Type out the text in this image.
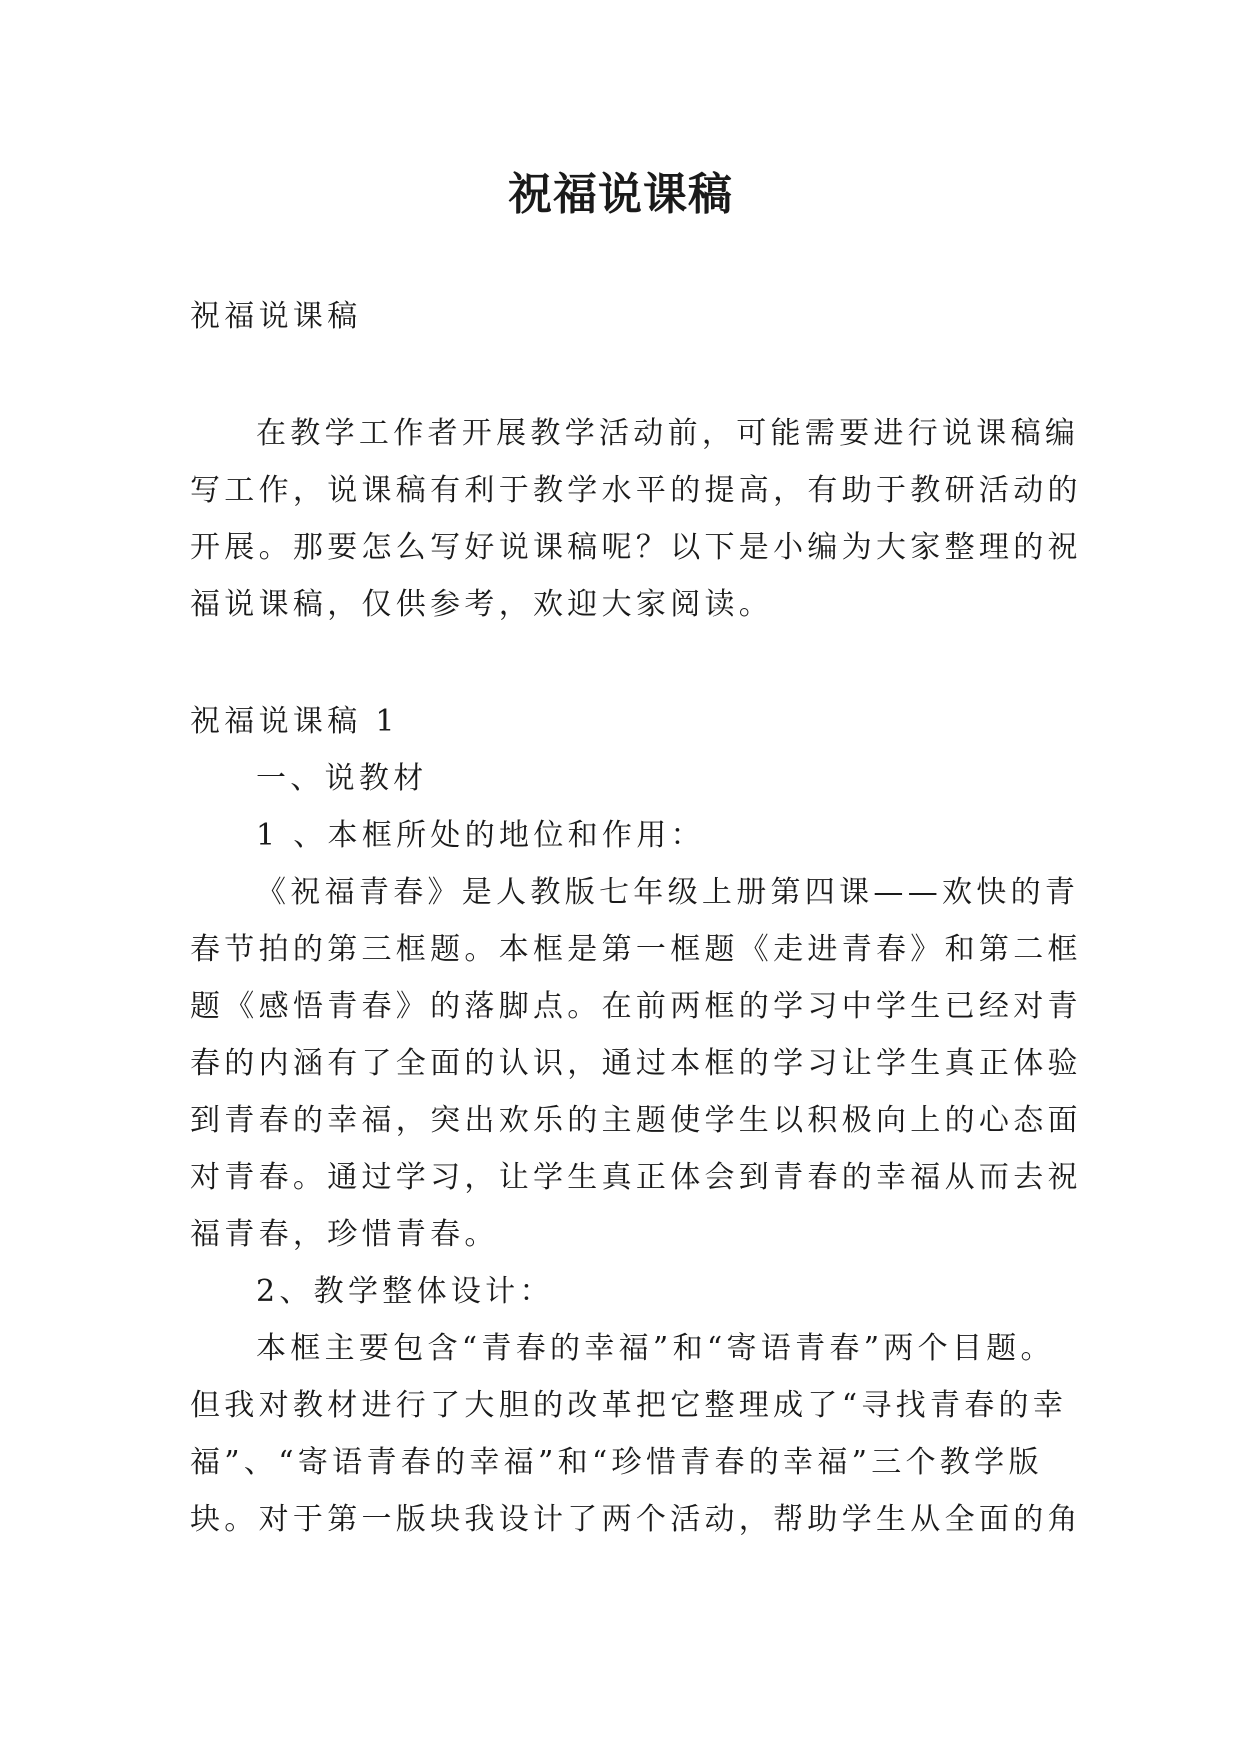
祝福说课稿
祝福说课稿
在教学工作者开展教学活动前，可能需要进行说课稿编
写工作，说课稿有利于教学水平的提高，有助于教研活动的
开展。那要怎么写好说课稿呢？以下是小编为大家整理的祝
福说课稿，仅供参考，欢迎大家阅读。
祝福说课稿 1
一、说教材
1 、本框所处的地位和作用：
《祝福青春》是人教版七年级上册第四课——欢快的青
春节拍的第三框题。本框是第一框题《走进青春》和第二框
题《感悟青春》的落脚点。在前两框的学习中学生已经对青
春的内涵有了全面的认识，通过本框的学习让学生真正体验
到青春的幸福，突出欢乐的主题使学生以积极向上的心态面
对青春。通过学习，让学生真正体会到青春的幸福从而去祝
福青春，珍惜青春。
2、教学整体设计：
本框主要包含“青春的幸福”和“寄语青春”两个目题。
但我对教材进行了大胆的改革把它整理成了“寻找青春的幸
福”、“寄语青春的幸福”和“珍惜青春的幸福”三个教学版
块。对于第一版块我设计了两个活动，帮助学生从全面的角
